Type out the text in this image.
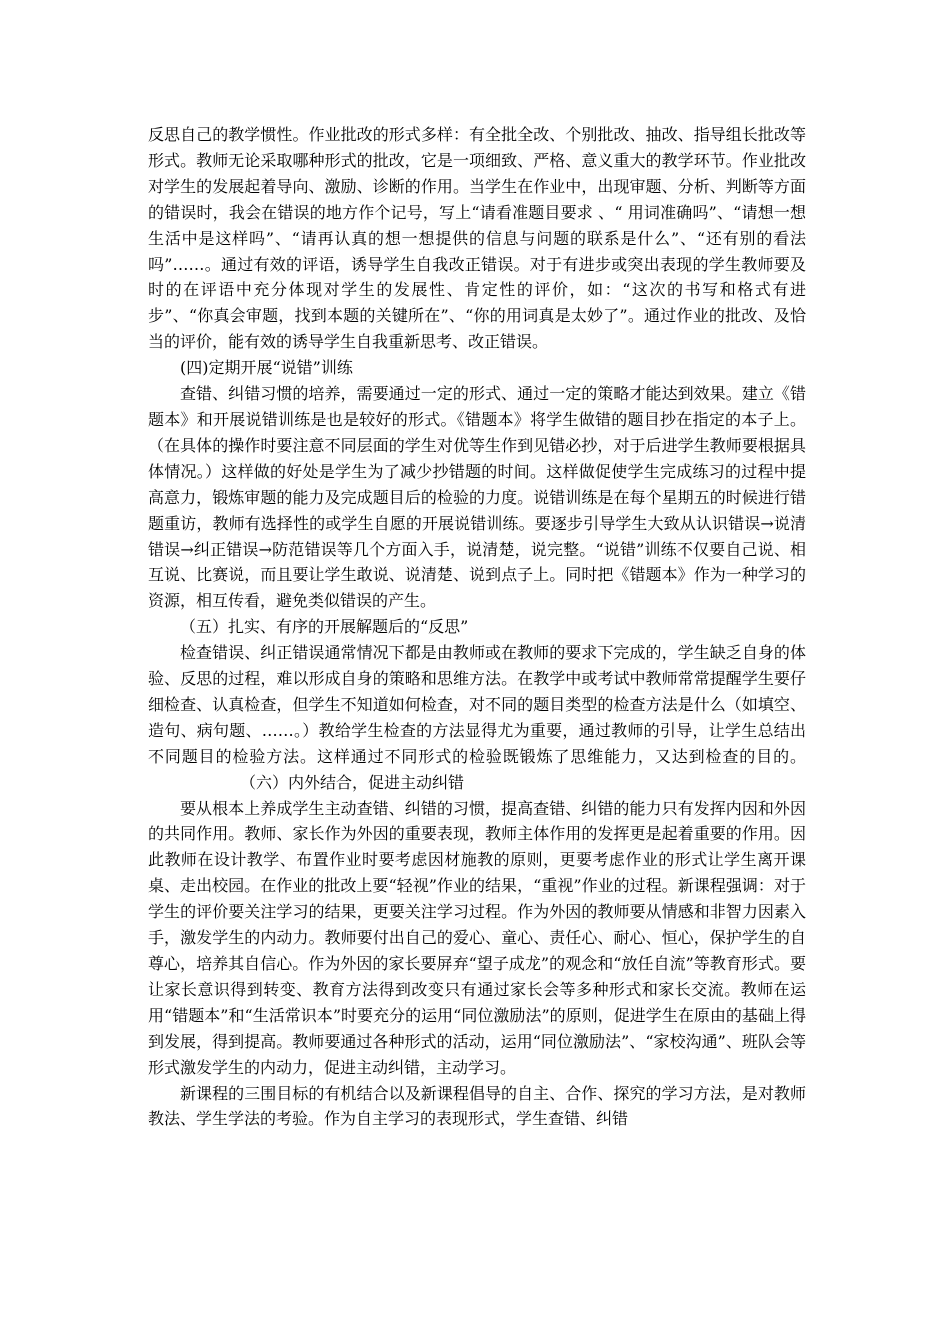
反思自己的教学惯性。作业批改的形式多样：有全批全改、个别批改、抽改、指导组长批改等形式。教师无论采取哪种形式的批改，它是一项细致、严格、意义重大的教学环节。作业批改对学生的发展起着导向、激励、诊断的作用。当学生在作业中，出现审题、分析、判断等方面的错误时，我会在错误的地方作个记号，写上“请看准题目要求 、“ 用词准确吗”、“请想一想生活中是这样吗”、“请再认真的想一想提供的信息与问题的联系是什么”、“还有别的看法吗”……。通过有效的评语，诱导学生自我改正错误。对于有进步或突出表现的学生教师要及时的在评语中充分体现对学生的发展性、肯定性的评价，如：“这次的书写和格式有进步”、“你真会审题，找到本题的关键所在”、“你的用词真是太妙了”。通过作业的批改、及恰当的评价，能有效的诱导学生自我重新思考、改正错误。

(四)定期开展“说错”训练

查错、纠错习惯的培养，需要通过一定的形式、通过一定的策略才能达到效果。建立《错题本》和开展说错训练是也是较好的形式。《错题本》将学生做错的题目抄在指定的本子上。（在具体的操作时要注意不同层面的学生对优等生作到见错必抄，对于后进学生教师要根据具体情况。）这样做的好处是学生为了减少抄错题的时间。这样做促使学生完成练习的过程中提高意力，锻炼审题的能力及完成题目后的检验的力度。说错训练是在每个星期五的时候进行错题重访，教师有选择性的或学生自愿的开展说错训练。要逐步引导学生大致从认识错误→说清错误→纠正错误→防范错误等几个方面入手，说清楚，说完整。“说错”训练不仅要自己说、相互说、比赛说，而且要让学生敢说、说清楚、说到点子上。同时把《错题本》作为一种学习的资源，相互传看，避免类似错误的产生。

（五）扎实、有序的开展解题后的“反思”

检查错误、纠正错误通常情况下都是由教师或在教师的要求下完成的，学生缺乏自身的体验、反思的过程，难以形成自身的策略和思维方法。在教学中或考试中教师常常提醒学生要仔细检查、认真检查，但学生不知道如何检查，对不同的题目类型的检查方法是什么（如填空、造句、病句题、……。）教给学生检查的方法显得尤为重要，通过教师的引导，让学生总结出不同题目的检验方法。这样通过不同形式的检验既锻炼了思维能力，又达到检查的目的。（六）内外结合，促进主动纠错

要从根本上养成学生主动查错、纠错的习惯，提高查错、纠错的能力只有发挥内因和外因的共同作用。教师、家长作为外因的重要表现，教师主体作用的发挥更是起着重要的作用。因此教师在设计教学、布置作业时要考虑因材施教的原则，更要考虑作业的形式让学生离开课桌、走出校园。在作业的批改上要“轻视”作业的结果，“重视”作业的过程。新课程强调：对于学生的评价要关注学习的结果，更要关注学习过程。作为外因的教师要从情感和非智力因素入手，激发学生的内动力。教师要付出自己的爱心、童心、责任心、耐心、恒心，保护学生的自尊心，培养其自信心。作为外因的家长要屏弃“望子成龙”的观念和“放任自流”等教育形式。要让家长意识得到转变、教育方法得到改变只有通过家长会等多种形式和家长交流。教师在运用“错题本”和“生活常识本”时要充分的运用“同位激励法”的原则，促进学生在原由的基础上得到发展，得到提高。教师要通过各种形式的活动，运用“同位激励法”、“家校沟通”、班队会等形式激发学生的内动力，促进主动纠错，主动学习。

新课程的三围目标的有机结合以及新课程倡导的自主、合作、探究的学习方法，是对教师教法、学生学法的考验。作为自主学习的表现形式，学生查错、纠错
